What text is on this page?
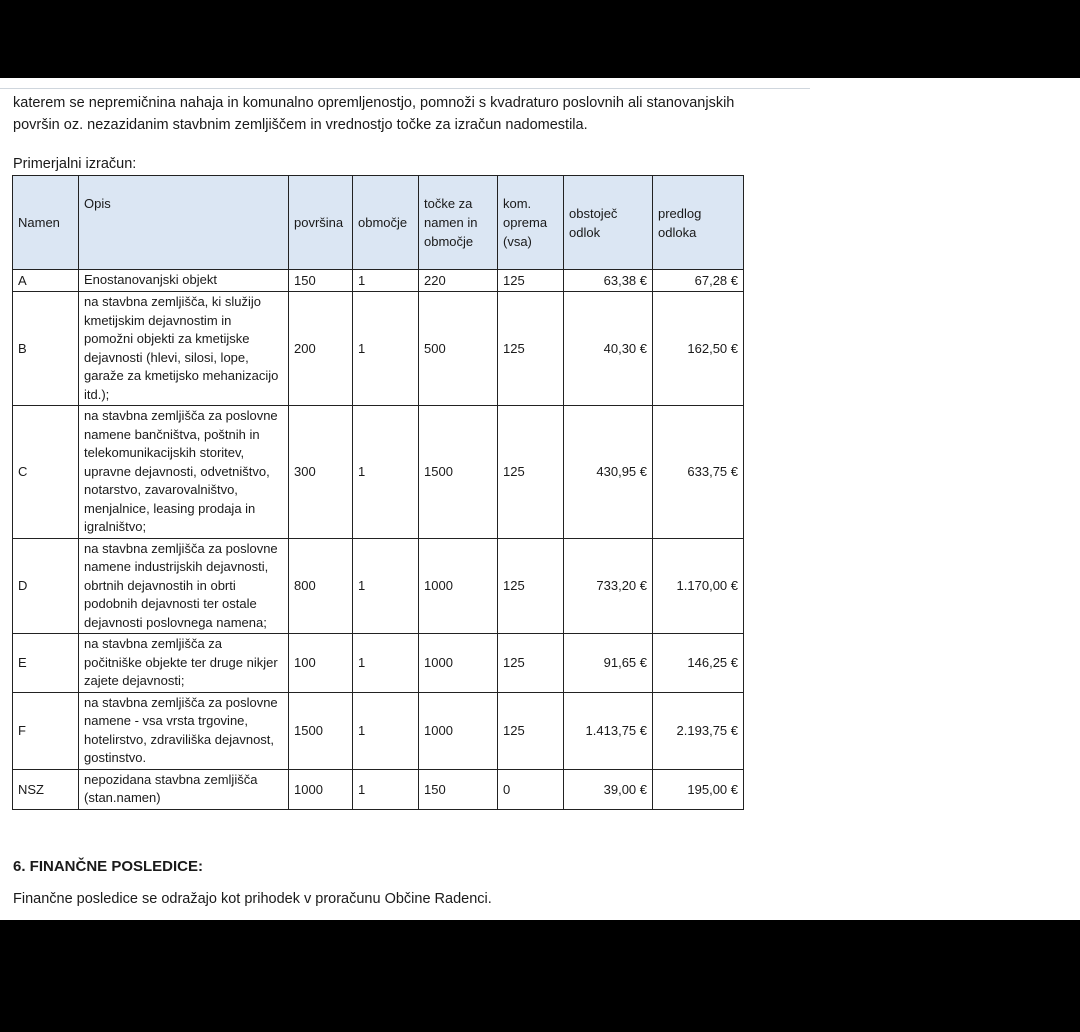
katerem se nepremičnina nahaja in komunalno opremljenostjo, pomnoži s kvadraturo poslovnih ali stanovanjskih površin oz. nezazidanim stavbnim zemljiščem in vrednostjo točke za izračun nadomestila.

Primerjalni izračun:
Namen	Opis	površina	območje	točke za namen in območje	kom. oprema (vsa)	obstoječ odlok	predlog odloka
A	Enostanovanjski objekt	150	1	220	125	63,38 €	67,28 €
B	na stavbna zemljišča, ki služijo kmetijskim dejavnostim in pomožni objekti za kmetijske dejavnosti (hlevi, silosi, lope, garaže za kmetijsko mehanizacijo itd.);	200	1	500	125	40,30 €	162,50 €
C	na stavbna zemljišča za poslovne namene bančništva, poštnih in telekomunikacijskih storitev, upravne dejavnosti, odvetništvo, notarstvo, zavarovalništvo, menjalnice, leasing prodaja in igralništvo;	300	1	1500	125	430,95 €	633,75 €
D	na stavbna zemljišča za poslovne namene industrijskih dejavnosti, obrtnih dejavnostih in obrti podobnih dejavnosti ter ostale dejavnosti poslovnega namena;	800	1	1000	125	733,20 €	1.170,00 €
E	na stavbna zemljišča za počitniške objekte ter druge nikjer zajete dejavnosti;	100	1	1000	125	91,65 €	146,25 €
F	na stavbna zemljišča za poslovne namene - vsa vrsta trgovine, hotelirstvo, zdraviliška dejavnost, gostinstvo.	1500	1	1000	125	1.413,75 €	2.193,75 €
NSZ	nepozidana stavbna zemljišča (stan.namen)	1000	1	150	0	39,00 €	195,00 €
6. FINANČNE POSLEDICE:
Finančne posledice se odražajo kot prihodek v proračunu Občine Radenci.
